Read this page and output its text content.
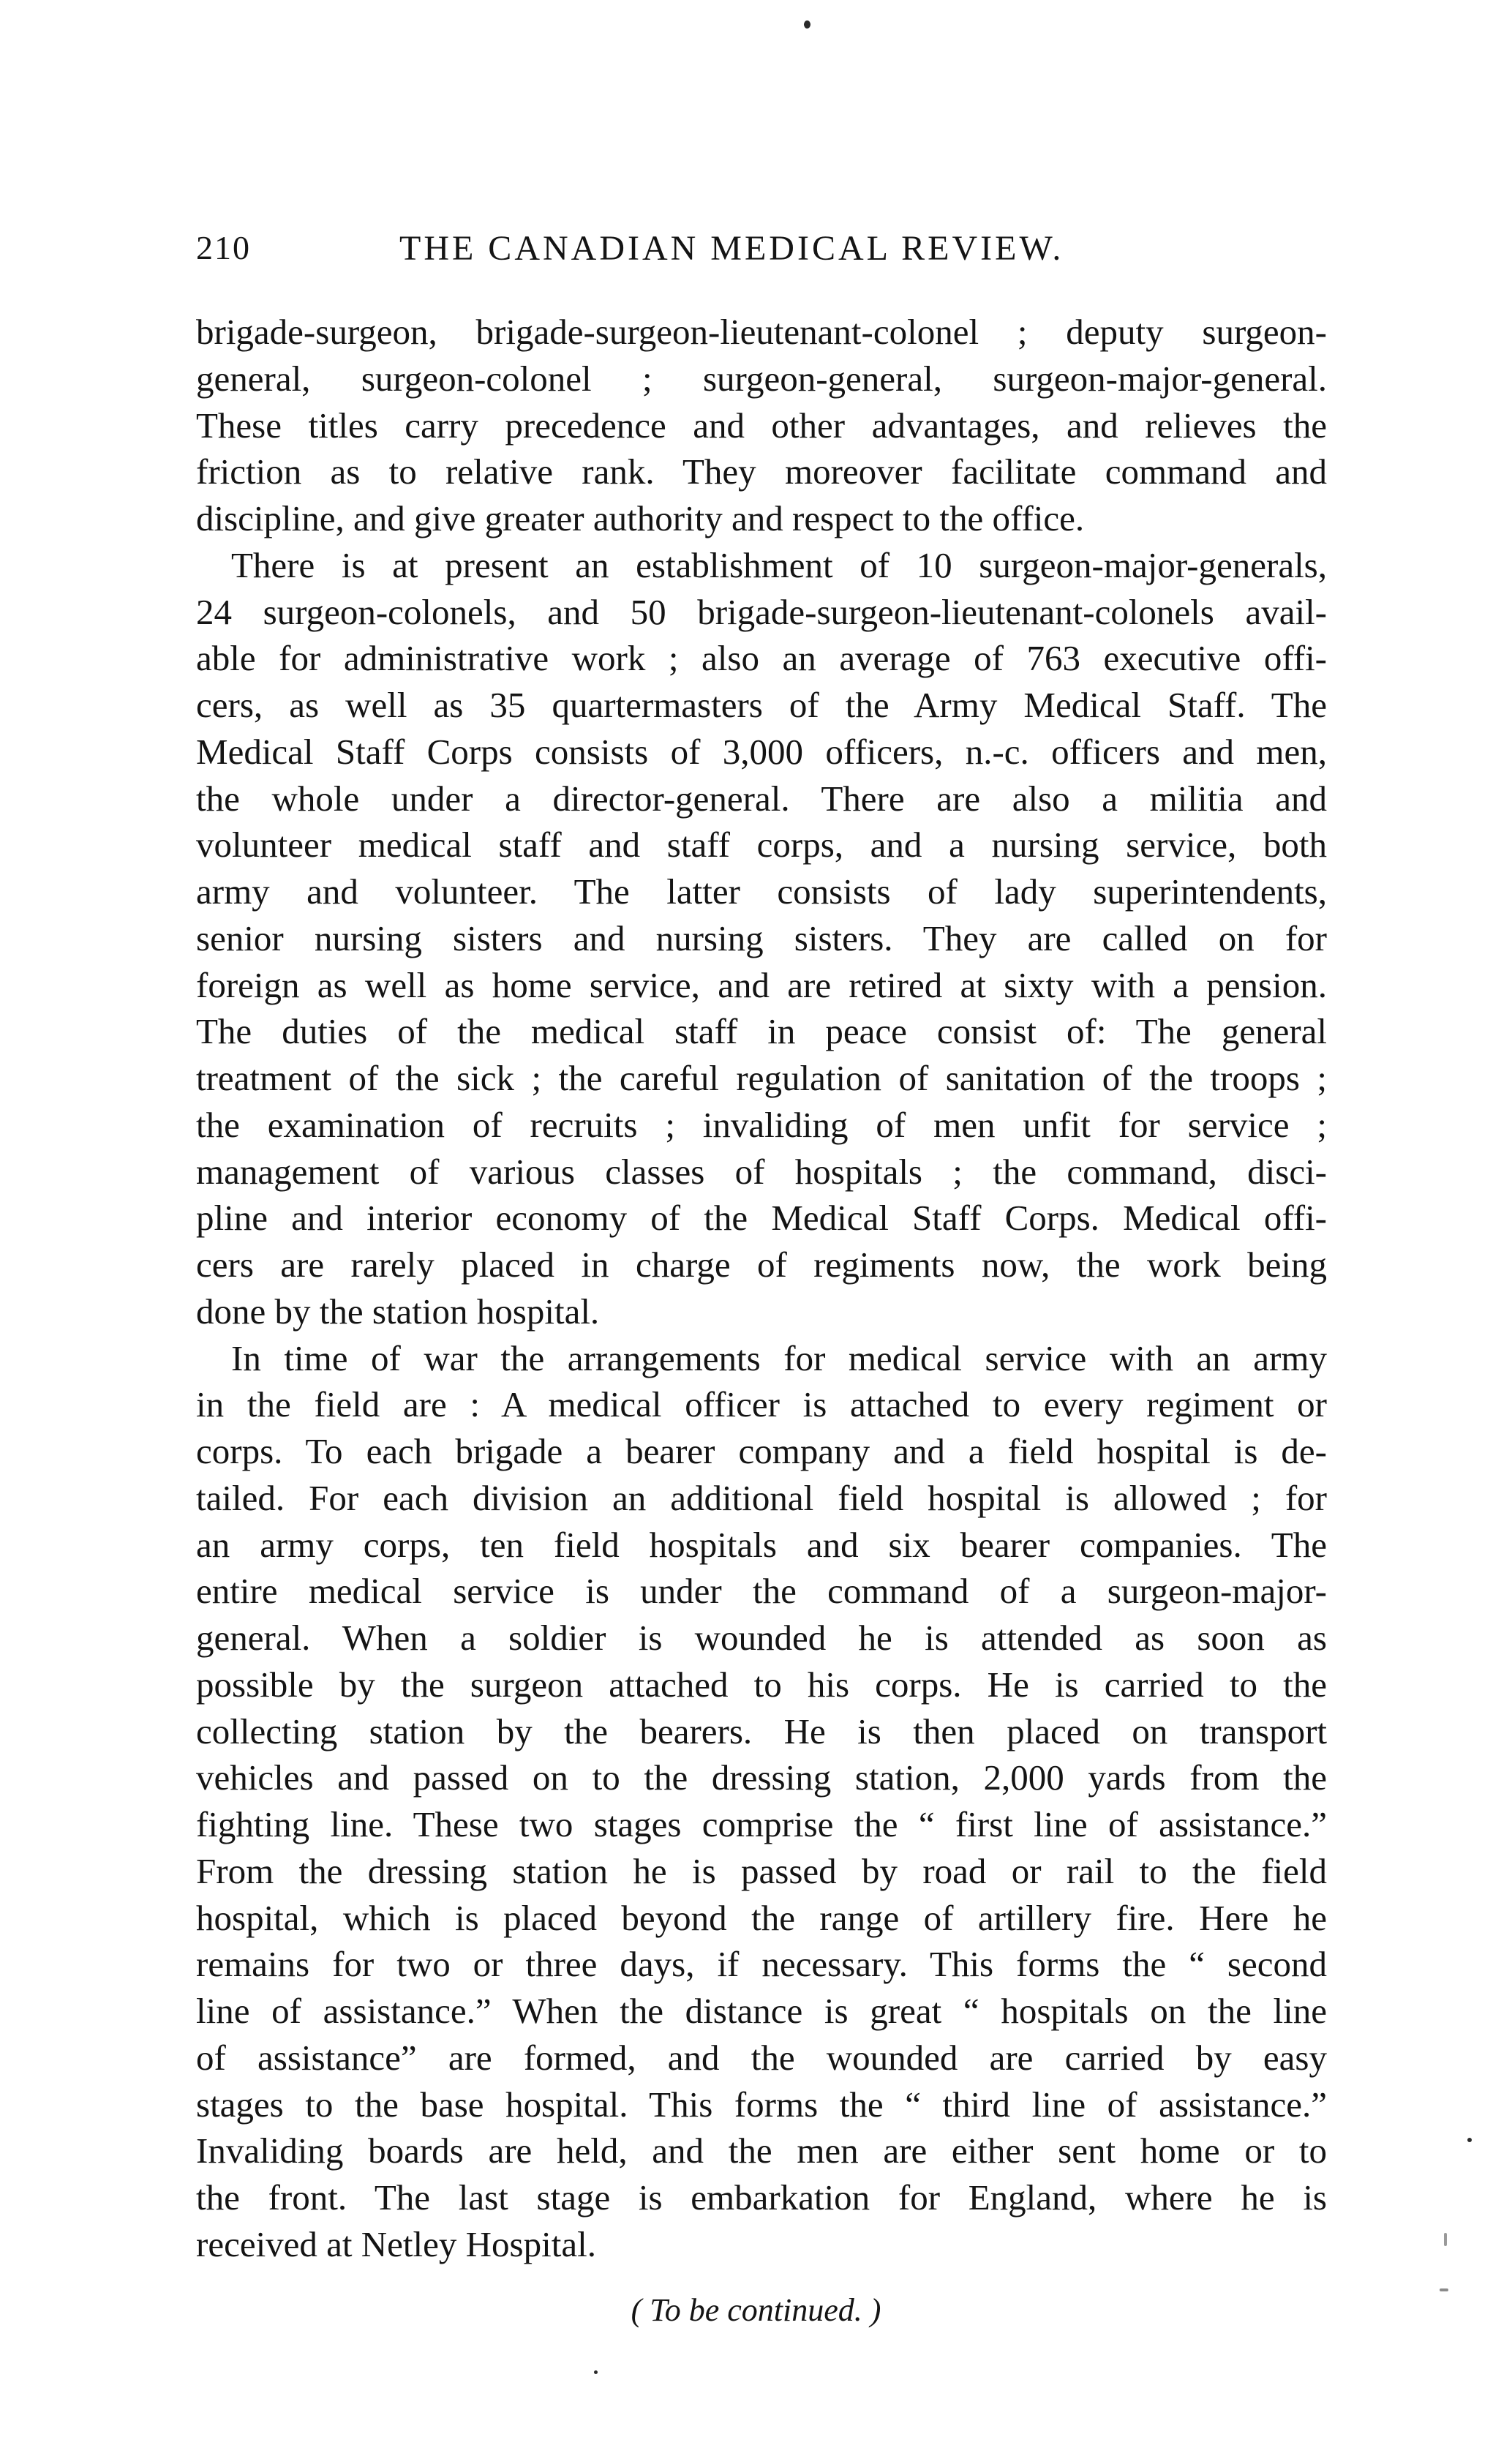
210	THE CANADIAN MEDICAL REVIEW.
brigade-surgeon, brigade-surgeon-lieutenant-colonel ; deputy surgeon-
general, surgeon-colonel ; surgeon-general, surgeon-major-general.
These titles carry precedence and other advantages, and relieves the
friction as to relative rank. They moreover facilitate command and
discipline, and give greater authority and respect to the office.
There is at present an establishment of 10 surgeon-major-generals,
24 surgeon-colonels, and 50 brigade-surgeon-lieutenant-colonels avail-
able for administrative work ; also an average of 763 executive offi-
cers, as well as 35 quartermasters of the Army Medical Staff. The
Medical Staff Corps consists of 3,000 officers, n.-c. officers and men,
the whole under a director-general. There are also a militia and
volunteer medical staff and staff corps, and a nursing service, both
army and volunteer. The latter consists of lady superintendents,
senior nursing sisters and nursing sisters. They are called on for
foreign as well as home service, and are retired at sixty with a pension.
The duties of the medical staff in peace consist of: The general
treatment of the sick ; the careful regulation of sanitation of the troops ;
the examination of recruits ; invaliding of men unfit for service ;
management of various classes of hospitals ; the command, disci-
pline and interior economy of the Medical Staff Corps. Medical offi-
cers are rarely placed in charge of regiments now, the work being
done by the station hospital.
In time of war the arrangements for medical service with an army
in the field are : A medical officer is attached to every regiment or
corps. To each brigade a bearer company and a field hospital is de-
tailed. For each division an additional field hospital is allowed ; for
an army corps, ten field hospitals and six bearer companies. The
entire medical service is under the command of a surgeon-major-
general. When a soldier is wounded he is attended as soon as
possible by the surgeon attached to his corps. He is carried to the
collecting station by the bearers. He is then placed on transport
vehicles and passed on to the dressing station, 2,000 yards from the
fighting line. These two stages comprise the “ first line of assistance.”
From the dressing station he is passed by road or rail to the field
hospital, which is placed beyond the range of artillery fire. Here he
remains for two or three days, if necessary. This forms the “ second
line of assistance.” When the distance is great “ hospitals on the line
of assistance” are formed, and the wounded are carried by easy
stages to the base hospital. This forms the “ third line of assistance.”
Invaliding boards are held, and the men are either sent home or to
the front. The last stage is embarkation for England, where he is
received at Netley Hospital.
( To be continued. )
